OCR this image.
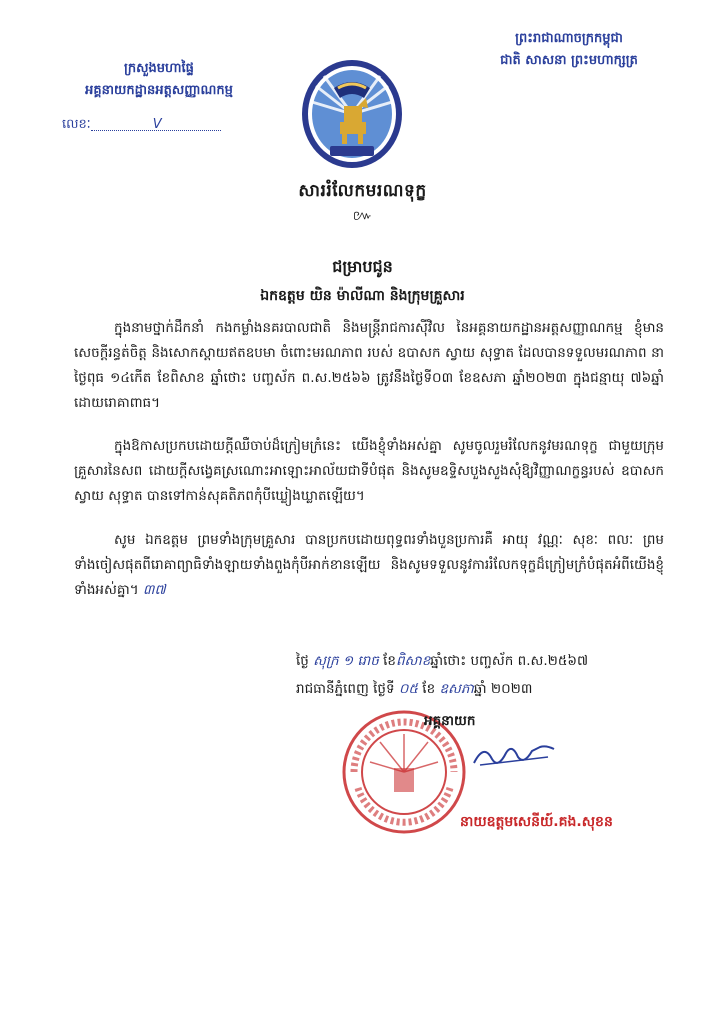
ព្រះរាជាណាចក្រកម្ពុជា
ជាតិ សាសនា ព្រះមហាក្សត្រ
ក្រសួងមហាផ្ទៃ
អគ្គនាយកដ្ឋានអត្តសញ្ញាណកម្ម
លេខៈ	V
សាររំលែកមរណទុក្ខ
៚
ជម្រាបជូន
ឯកឧត្តម យិន ម៉ាលីណា និងក្រុមគ្រួសារ
ក្នុងនាមថ្នាក់ដឹកនាំ កងកម្លាំងនគរបាលជាតិ និងមន្ត្រីរាជការស៊ីវិល នៃអគ្គនាយកដ្ឋានអត្តសញ្ញាណកម្ម ខ្ញុំមានសេចក្តីរន្ធត់ចិត្ត និងសោកស្តាយឥតឧបមា ចំពោះមរណភាព របស់ ឧបាសក ស្វាយ សុទ្ធាត ដែលបានទទួលមរណភាព នាថ្ងៃពុធ ១៤កើត ខែពិសាខ ឆ្នាំថោះ បញ្ចស័ក ព.ស.២៥៦៦ ត្រូវនឹងថ្ងៃទី០៣ ខែឧសភា ឆ្នាំ២០២៣ ក្នុងជន្មាយុ ៧៦ឆ្នាំ ដោយរោគាពាធ។
ក្នុងឱកាសប្រកបដោយក្តីឈឺចាប់ដ៏ក្រៀមក្រំនេះ យើងខ្ញុំទាំងអស់គ្នា សូមចូលរួមរំលែកនូវមរណទុក្ខ ជាមួយក្រុមគ្រួសារនៃសព ដោយក្តីសង្វេគស្រណោះអាឡោះអាល័យជាទីបំផុត និងសូមឧទ្ទិសបួងសួងសុំឱ្យវិញ្ញាណក្ខន្ធរបស់ ឧបាសក ស្វាយ សុទ្ធាត បានទៅកាន់សុគតិភពកុំបីឃ្លៀងឃ្លាតឡើយ។
សូម ឯកឧត្តម ព្រមទាំងក្រុមគ្រួសារ បានប្រកបដោយពុទ្ធពរទាំងបួនប្រការគឺ អាយុ វណ្ណៈ សុខៈ ពលៈ ព្រមទាំងចៀសផុតពីរោគាព្យាធិទាំងឡាយទាំងពួងកុំបីអាក់ខានឡើយ និងសូមទទួលនូវការរំលែកទុក្ខដ៏ក្រៀមក្រំបំផុតអំពីយើងខ្ញុំទាំងអស់គ្នា។ ៣៧
ថ្ងៃ សុក្រ ១ រោច ខែពិសាខឆ្នាំថោះ បញ្ចស័ក ព.ស.២៥៦៧
រាជធានីភ្នំពេញ ថ្ងៃទី ០៥ ខែ ឧសភាឆ្នាំ ២០២៣
អគ្គនាយក
នាយឧត្តមសេនីយ៍.គង.សុខន
